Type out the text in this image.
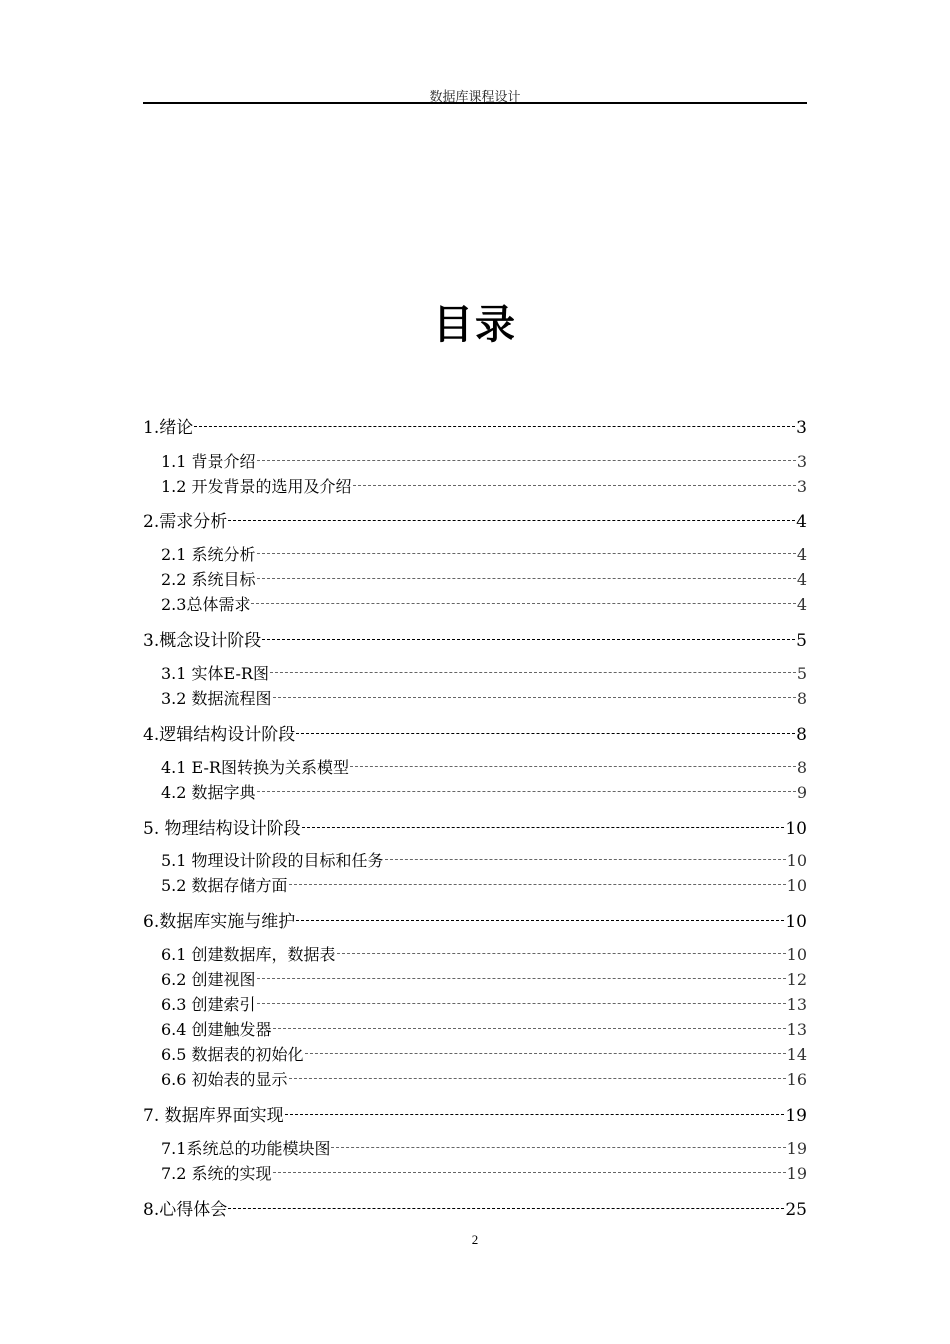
数据库课程设计
目录
1.绪论	3
1.1 背景介绍	3
1.2 开发背景的选用及介绍	3
2.需求分析	4
2.1 系统分析	4
2.2 系统目标	4
2.3总体需求	4
3.概念设计阶段	5
3.1 实体E-R图	5
3.2 数据流程图	8
4.逻辑结构设计阶段	8
4.1 E-R图转换为关系模型	8
4.2 数据字典	9
5. 物理结构设计阶段	10
5.1 物理设计阶段的目标和任务	10
5.2 数据存储方面	10
6.数据库实施与维护	10
6.1 创建数据库，数据表	10
6.2 创建视图	12
6.3 创建索引	13
6.4 创建触发器	13
6.5 数据表的初始化	14
6.6 初始表的显示	16
7. 数据库界面实现	19
7.1系统总的功能模块图	19
7.2 系统的实现	19
8.心得体会	25
2
